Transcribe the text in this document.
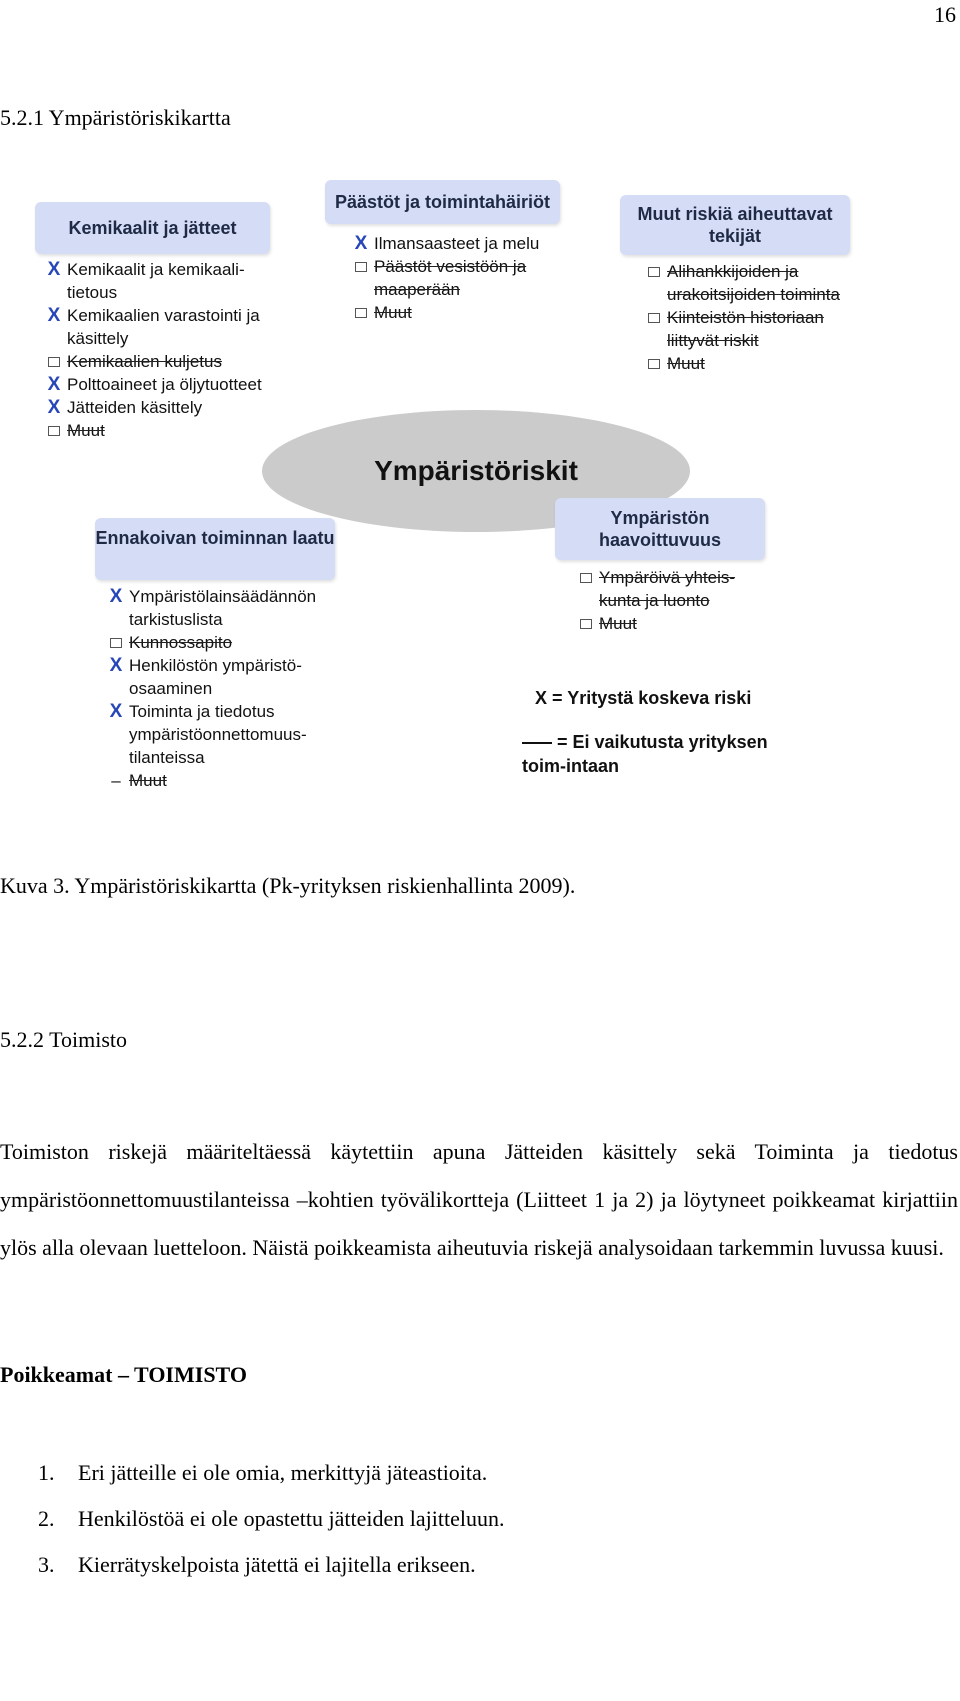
16
5.2.1 Ympäristöriskikartta
Kemikaalit ja jätteet
X Kemikaalit ja kemikaali-tietous
X Kemikaalien varastointi ja käsittely
Kemikaalien kuljetus
X Polttoaineet ja öljytuotteet
X Jätteiden käsittely
Muut
Päästöt ja toimintahäiriöt
X Ilmansaasteet ja melu
Päästöt vesistöön ja maaperään
Muut
Muut riskiä aiheuttavat tekijät
Alihankkijoiden ja urakoitsijoiden toiminta
Kiinteistön historiaan liittyvät riskit
Muut
Ympäristöriskit
Ennakoivan toiminnan laatu
X Ympäristölainsäädännön tarkistuslista
Kunnossapito
X Henkilöstön ympäristö-osaaminen
X Toiminta ja tiedotus ympäristöonnettomuus-tilanteissa
– Muut
Ympäristön haavoittuvuus
Ympäröivä yhteis-kunta ja luonto
Muut
X = Yritystä koskeva riski
= Ei vaikutusta yrityksen toim-intaan
Kuva 3. Ympäristöriskikartta (Pk-yrityksen riskienhallinta 2009).
5.2.2 Toimisto
Toimiston riskejä määriteltäessä käytettiin apuna Jätteiden käsittely sekä Toiminta ja tiedotus ympäristöonnettomuustilanteissa –kohtien työvälikortteja (Liitteet 1 ja 2) ja löytyneet poikkeamat kirjattiin ylös alla olevaan luetteloon. Näistä poikkeamista aiheutuvia riskejä analysoidaan tarkemmin luvussa kuusi.
Poikkeamat – TOIMISTO
1. Eri jätteille ei ole omia, merkittyjä jäteastioita.
2. Henkilöstöä ei ole opastettu jätteiden lajitteluun.
3. Kierrätyskelpoista jätettä ei lajitella erikseen.
